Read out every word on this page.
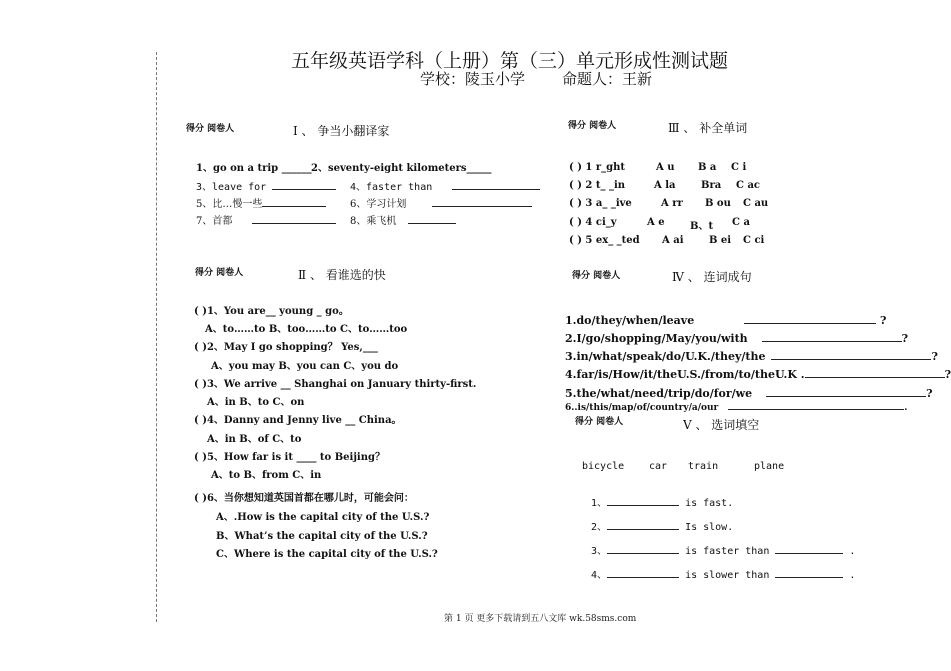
五年级英语学科（上册）第（三）单元形成性测试题
学校：陵玉小学 命题人：王新
得分 阅卷人	Ⅰ 、 争当小翻译家
1、go on a trip ______ 2、seventy-eight kilometers_____
3、leave for	4、faster than
5、比…慢一些	6、学习计划
7、首都	8、乘飞机
得分 阅卷人	Ⅱ 、 看谁选的快
( )1、You are__ young _ go。
A、to……to B、too……to C、to……too
( )2、May I go shopping？ Yes,___
A、you may B、you can C、you do
( )3、We arrive __ Shanghai on January thirty-first.
A、in B、to C、on
( )4、Danny and Jenny live __ China。
A、in B、of C、to
( )5、How far is it ____ to Beijing？
A、to B、from C、in
( )6、当你想知道英国首都在哪儿时，可能会问：
A、.How is the capital city of the U.S.?
B、What’s the capital city of the U.S.?
C、Where is the capital city of the U.S.?
得分 阅卷人	Ⅲ 、 补全单词
( ) 1 r_ght	A u B a C i
( ) 2 t_ _in	A la	Bra C ac
( ) 3 a_ _ive	A rr B ou C au
( ) 4 ci_y	A e	B、t C a
( ) 5 ex_ _ted A ai	B ei C ci
得分 阅卷人	Ⅳ 、 连词成句
1.do/they/when/leave	?
2.I/go/shopping/May/you/with	?
3.in/what/speak/do/U.K./they/the	?
4.far/is/How/it/theU.S./from/to/theU.K .	?
5.the/what/need/trip/do/for/we	?
6..is/this/map/of/country/a/our	.
得分 阅卷人	Ⅴ 、 选词填空
bicycle car train	plane
1、	is fast.
2、	Is slow.
3、	is faster than	.
4、	is slower than	.
第 1 页 更多下载请到五八文库 wk.58sms.com
